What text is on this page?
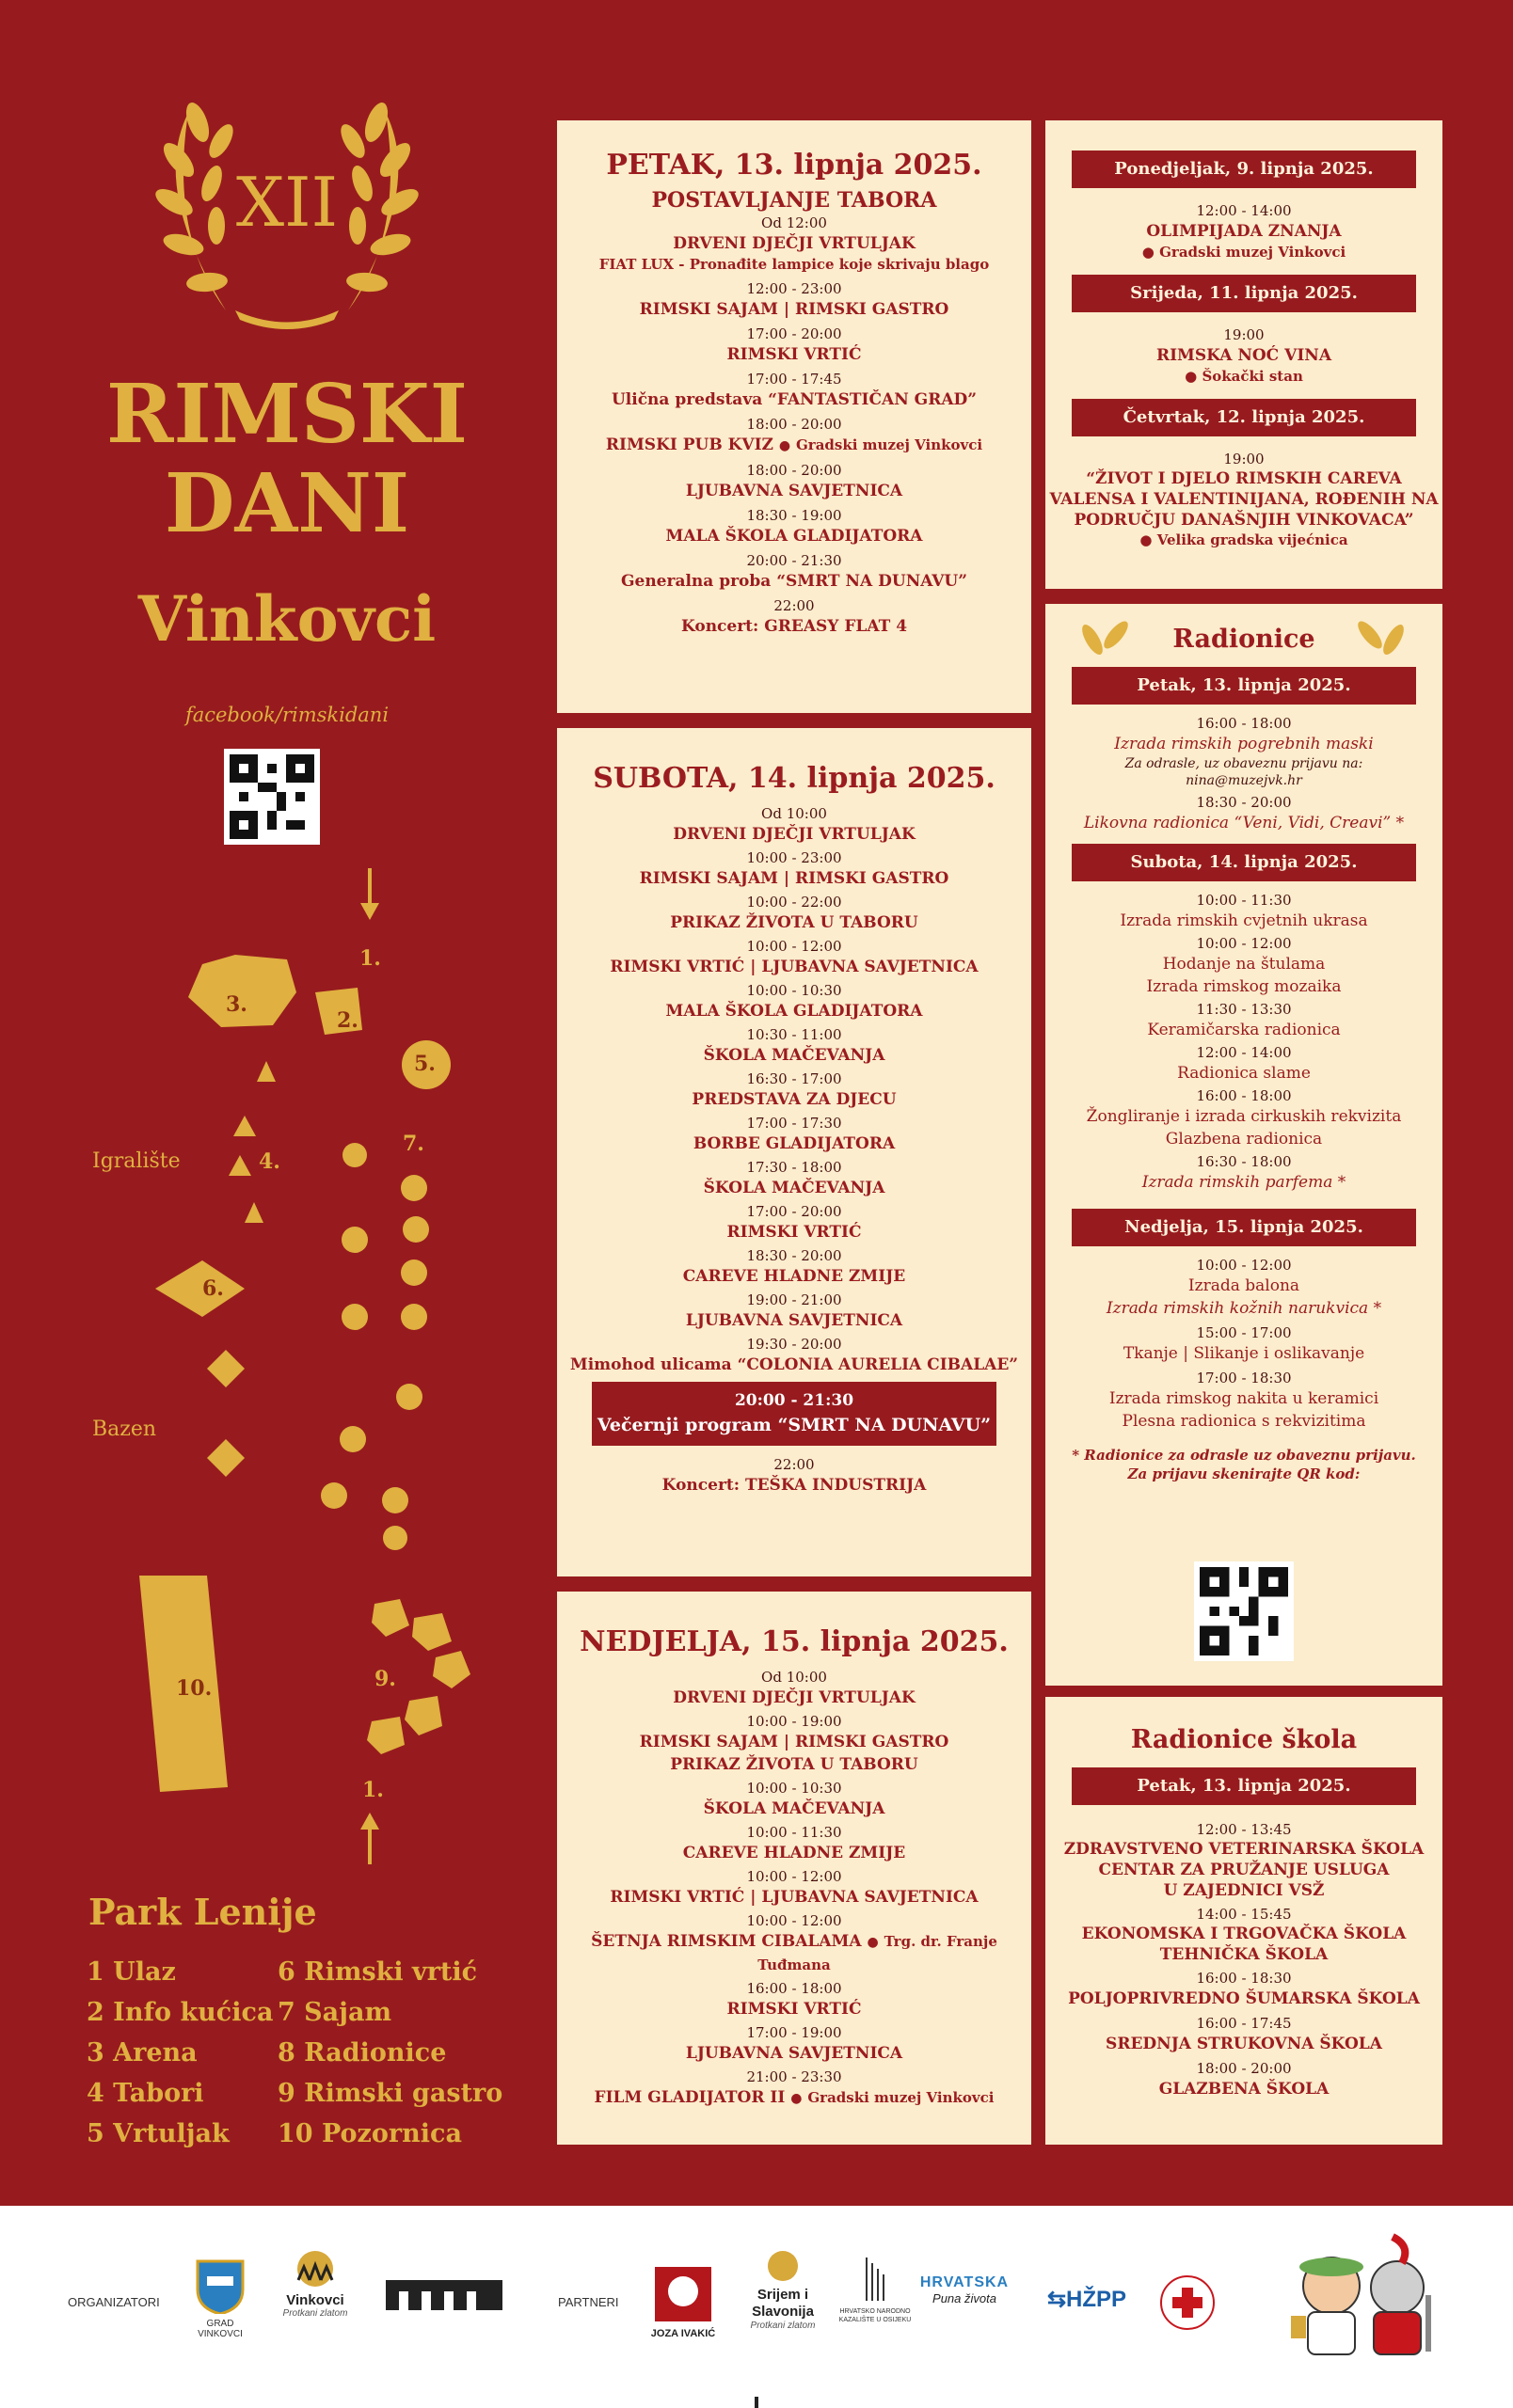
XII
RIMSKI
DANI
Vinkovci
facebook/rimskidani
1.
2.
3.
4.
5.
6.
7.
9.
10.
1.
Igralište
Bazen
Park Lenije
1 Ulaz
2 Info kućica
3 Arena
4 Tabori
5 Vrtuljak
6 Rimski vrtić
7 Sajam
8 Radionice
9 Rimski gastro
10 Pozornica
PETAK, 13. lipnja 2025.
POSTAVLJANJE TABORA
Od 12:00
DRVENI DJEČJI VRTULJAK
FIAT LUX - Pronađite lampice koje skrivaju blago
12:00 - 23:00
RIMSKI SAJAM | RIMSKI GASTRO
17:00 - 20:00
RIMSKI VRTIĆ
17:00 - 17:45
Ulična predstava “FANTASTIČAN GRAD”
18:00 - 20:00
RIMSKI PUB KVIZ ● Gradski muzej Vinkovci
18:00 - 20:00
LJUBAVNA SAVJETNICA
18:30 - 19:00
MALA ŠKOLA GLADIJATORA
20:00 - 21:30
Generalna proba “SMRT NA DUNAVU”
22:00
Koncert: GREASY FLAT 4
SUBOTA, 14. lipnja 2025.
Od 10:00
DRVENI DJEČJI VRTULJAK
10:00 - 23:00
RIMSKI SAJAM | RIMSKI GASTRO
10:00 - 22:00
PRIKAZ ŽIVOTA U TABORU
10:00 - 12:00
RIMSKI VRTIĆ | LJUBAVNA SAVJETNICA
10:00 - 10:30
MALA ŠKOLA GLADIJATORA
10:30 - 11:00
ŠKOLA MAČEVANJA
16:30 - 17:00
PREDSTAVA ZA DJECU
17:00 - 17:30
BORBE GLADIJATORA
17:30 - 18:00
ŠKOLA MAČEVANJA
17:00 - 20:00
RIMSKI VRTIĆ
18:30 - 20:00
CAREVE HLADNE ZMIJE
19:00 - 21:00
LJUBAVNA SAVJETNICA
19:30 - 20:00
Mimohod ulicama “COLONIA AURELIA CIBALAE”
20:00 - 21:30
Večernji program “SMRT NA DUNAVU”
22:00
Koncert: TEŠKA INDUSTRIJA
NEDJELJA, 15. lipnja 2025.
Od 10:00
DRVENI DJEČJI VRTULJAK
10:00 - 19:00
RIMSKI SAJAM | RIMSKI GASTRO
PRIKAZ ŽIVOTA U TABORU
10:00 - 10:30
ŠKOLA MAČEVANJA
10:00 - 11:30
CAREVE HLADNE ZMIJE
10:00 - 12:00
RIMSKI VRTIĆ | LJUBAVNA SAVJETNICA
10:00 - 12:00
ŠETNJA RIMSKIM CIBALAMA ● Trg. dr. Franje Tuđmana
16:00 - 18:00
RIMSKI VRTIĆ
17:00 - 19:00
LJUBAVNA SAVJETNICA
21:00 - 23:30
FILM GLADIJATOR II ● Gradski muzej Vinkovci
Ponedjeljak, 9. lipnja 2025.
12:00 - 14:00
OLIMPIJADA ZNANJA
● Gradski muzej Vinkovci
Srijeda, 11. lipnja 2025.
19:00
RIMSKA NOĆ VINA
● Šokački stan
Četvrtak, 12. lipnja 2025.
19:00
“ŽIVOT I DJELO RIMSKIH CAREVA
VALENSA I VALENTINIJANA, ROĐENIH NA
PODRUČJU DANAŠNJIH VINKOVACA”
● Velika gradska vijećnica
Radionice
Petak, 13. lipnja 2025.
16:00 - 18:00
Izrada rimskih pogrebnih maski
Za odrasle, uz obaveznu prijavu na:
nina@muzejvk.hr
18:30 - 20:00
Likovna radionica “Veni, Vidi, Creavi” *
Subota, 14. lipnja 2025.
10:00 - 11:30
Izrada rimskih cvjetnih ukrasa
10:00 - 12:00
Hodanje na štulama
Izrada rimskog mozaika
11:30 - 13:30
Keramičarska radionica
12:00 - 14:00
Radionica slame
16:00 - 18:00
Žongliranje i izrada cirkuskih rekvizita
Glazbena radionica
16:30 - 18:00
Izrada rimskih parfema *
Nedjelja, 15. lipnja 2025.
10:00 - 12:00
Izrada balona
Izrada rimskih kožnih narukvica *
15:00 - 17:00
Tkanje | Slikanje i oslikavanje
17:00 - 18:30
Izrada rimskog nakita u keramici
Plesna radionica s rekvizitima
* Radionice za odrasle uz obaveznu prijavu.
Za prijavu skenirajte QR kod:
Radionice škola
Petak, 13. lipnja 2025.
12:00 - 13:45
ZDRAVSTVENO VETERINARSKA ŠKOLA
CENTAR ZA PRUŽANJE USLUGA
U ZAJEDNICI VSŽ
14:00 - 15:45
EKONOMSKA I TRGOVAČKA ŠKOLA
TEHNIČKA ŠKOLA
16:00 - 18:30
POLJOPRIVREDNO ŠUMARSKA ŠKOLA
16:00 - 17:45
SREDNJA STRUKOVNA ŠKOLA
18:00 - 20:00
GLAZBENA ŠKOLA
ORGANIZATORI
GRAD VINKOVCI
Vinkovci
Protkani zlatom
PARTNERI
JOZA IVAKIĆ
Srijem i
Slavonija
Protkani zlatom
HRVATSKO NARODNO KAZALIŠTE U OSIJEKU
HRVATSKA
Puna života	⇆HŽPP
